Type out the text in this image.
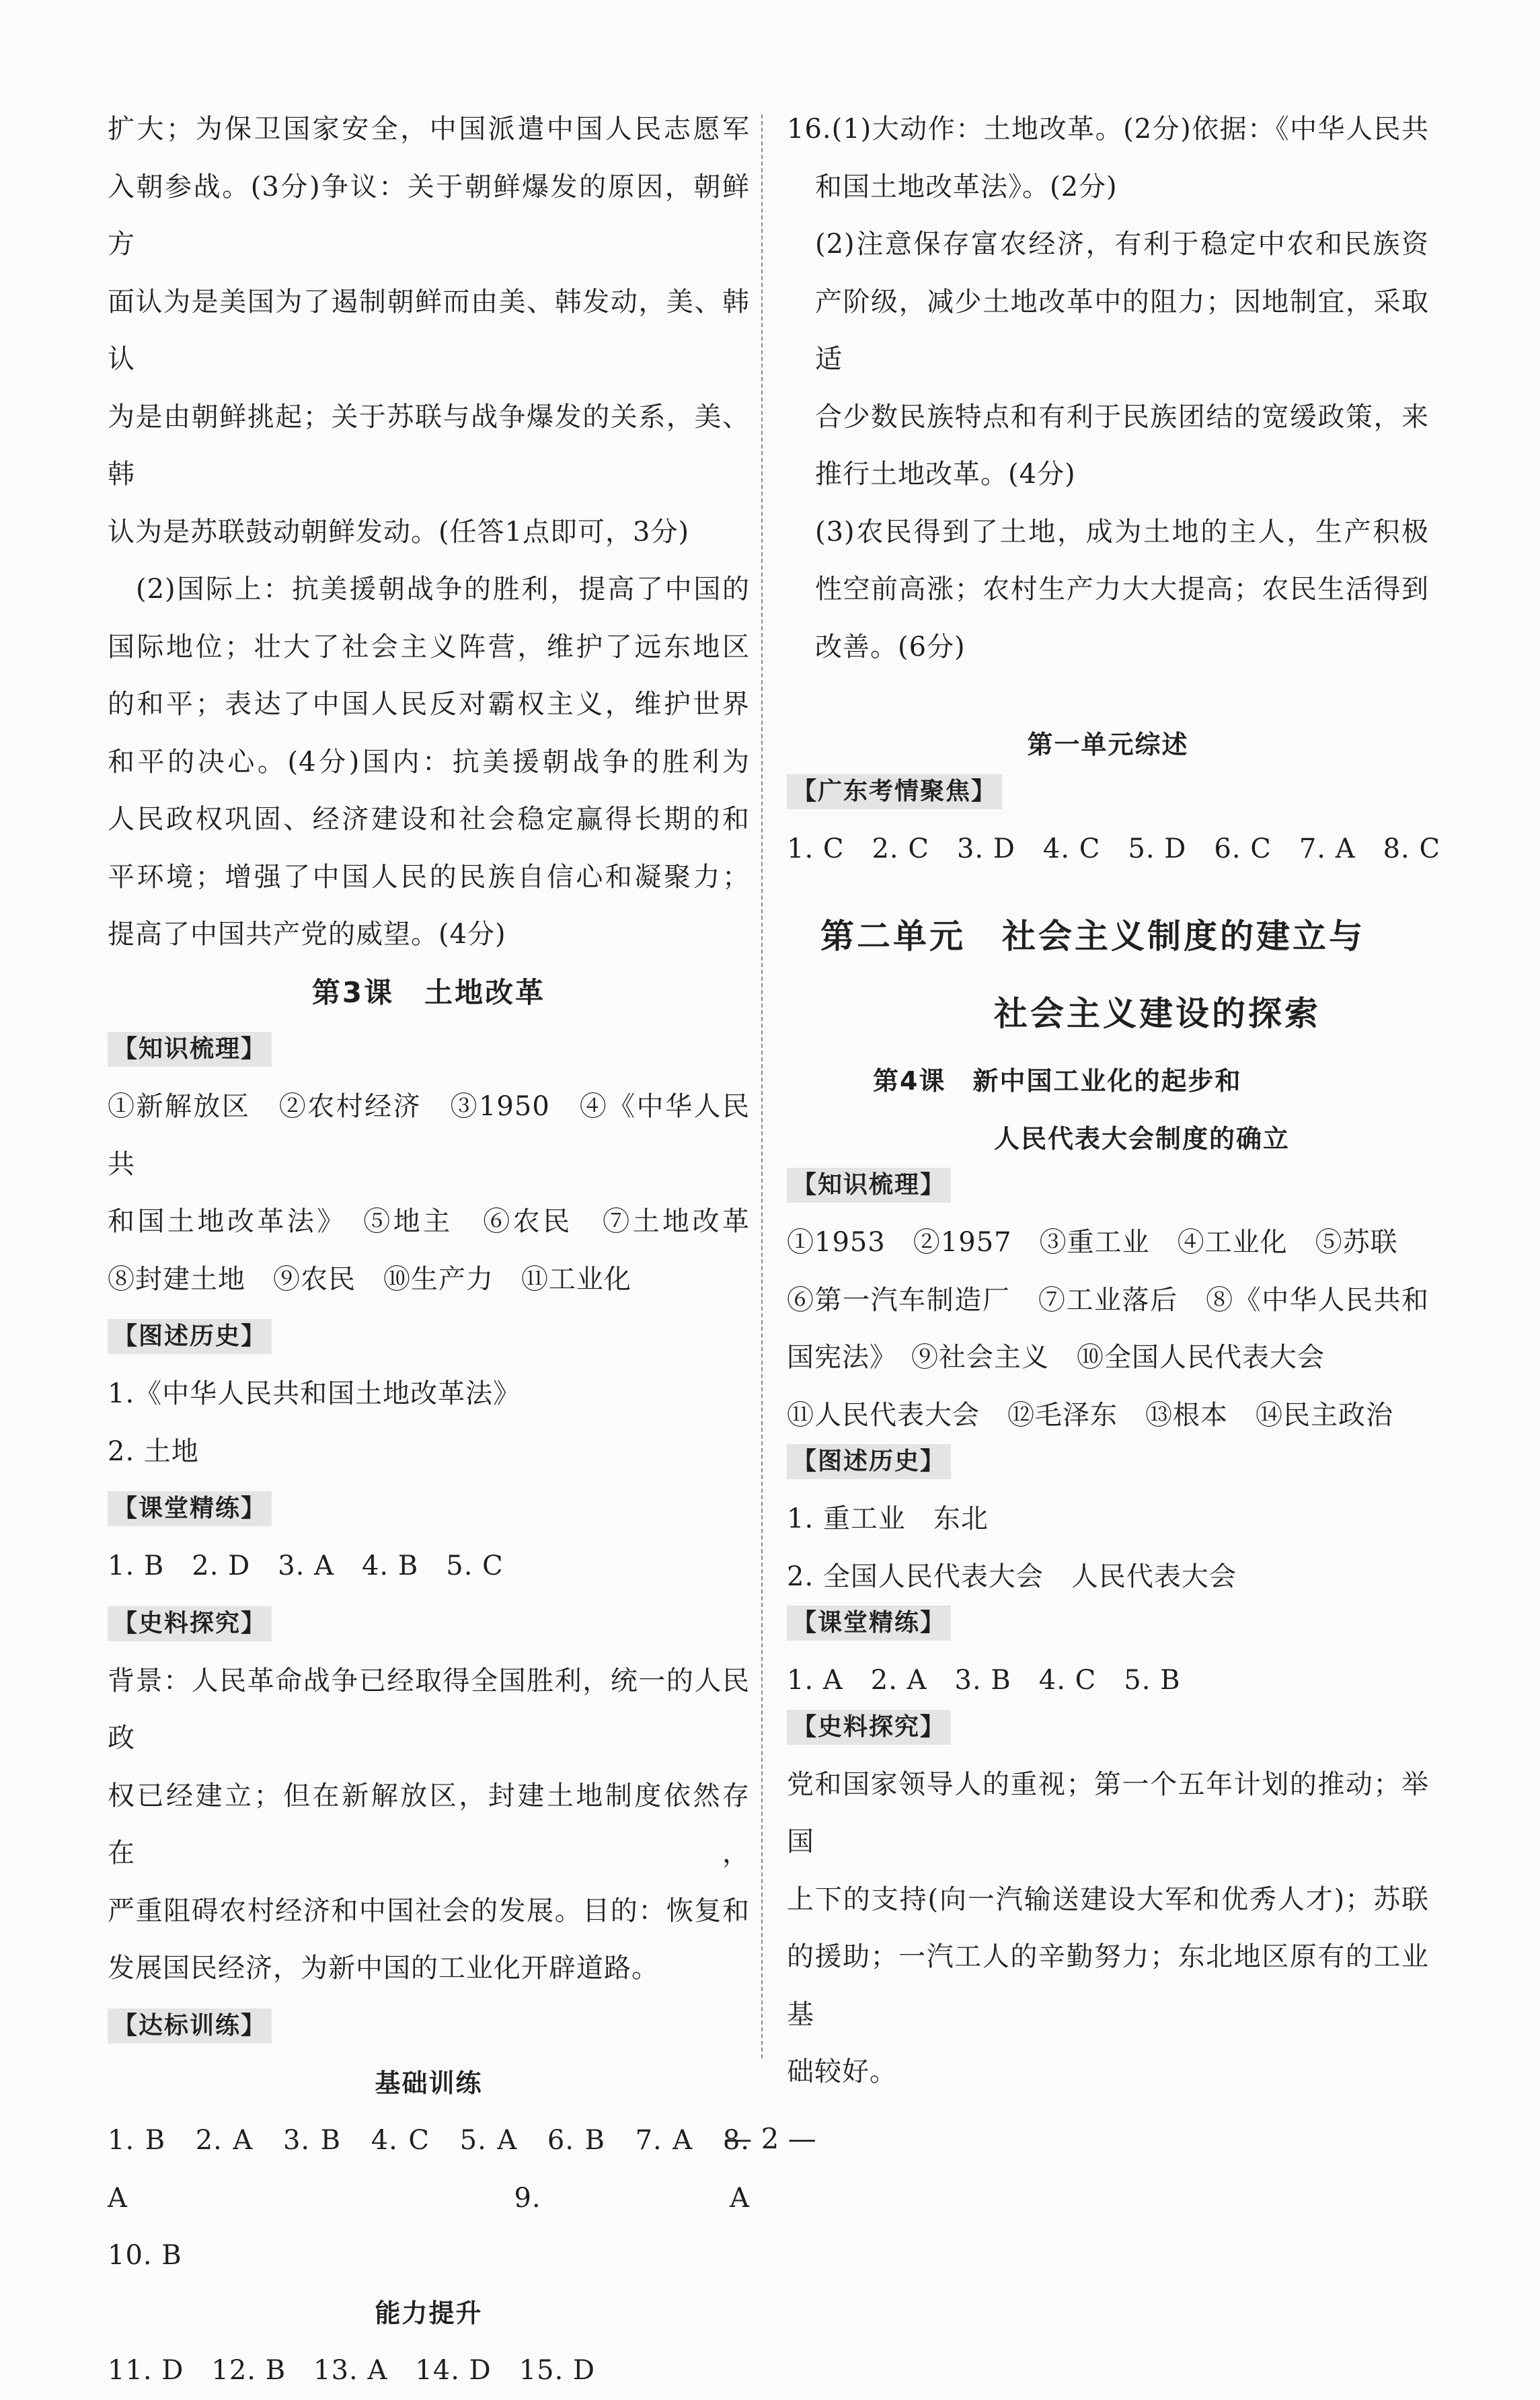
扩大；为保卫国家安全，中国派遣中国人民志愿军

入朝参战。(3分)争议：关于朝鲜爆发的原因，朝鲜方

面认为是美国为了遏制朝鲜而由美、韩发动，美、韩认

为是由朝鲜挑起；关于苏联与战争爆发的关系，美、韩

认为是苏联鼓动朝鲜发动。(任答1点即可，3分)

(2)国际上：抗美援朝战争的胜利，提高了中国的

国际地位；壮大了社会主义阵营，维护了远东地区

的和平；表达了中国人民反对霸权主义，维护世界

和平的决心。(4分)国内：抗美援朝战争的胜利为

人民政权巩固、经济建设和社会稳定赢得长期的和

平环境；增强了中国人民的民族自信心和凝聚力；

提高了中国共产党的威望。(4分)

第3课　土地改革

【知识梳理】

①新解放区　②农村经济　③1950　④《中华人民共

和国土地改革法》　⑤地主　⑥农民　⑦土地改革

⑧封建土地　⑨农民　⑩生产力　⑪工业化

【图述历史】

1.《中华人民共和国土地改革法》

2. 土地

【课堂精练】

1. B　2. D　3. A　4. B　5. C

【史料探究】

背景：人民革命战争已经取得全国胜利，统一的人民政

权已经建立；但在新解放区，封建土地制度依然存在，

严重阻碍农村经济和中国社会的发展。目的：恢复和

发展国民经济，为新中国的工业化开辟道路。

【达标训练】

基础训练

1. B　2. A　3. B　4. C　5. A　6. B　7. A　8. A　9. A

10. B

能力提升

11. D　12. B　13. A　14. D　15. D

16.(1)大动作：土地改革。(2分)依据：《中华人民共

和国土地改革法》。(2分)

(2)注意保存富农经济，有利于稳定中农和民族资

产阶级，减少土地改革中的阻力；因地制宜，采取适

合少数民族特点和有利于民族团结的宽缓政策，来

推行土地改革。(4分)

(3)农民得到了土地，成为土地的主人，生产积极

性空前高涨；农村生产力大大提高；农民生活得到

改善。(6分)

第一单元综述

【广东考情聚焦】

1. C　2. C　3. D　4. C　5. D　6. C　7. A　8. C

第二单元　社会主义制度的建立与

社会主义建设的探索

第4课　新中国工业化的起步和

人民代表大会制度的确立

【知识梳理】

①1953　②1957　③重工业　④工业化　⑤苏联

⑥第一汽车制造厂　⑦工业落后　⑧《中华人民共和

国宪法》　⑨社会主义　⑩全国人民代表大会

⑪人民代表大会　⑫毛泽东　⑬根本　⑭民主政治

【图述历史】

1. 重工业　东北

2. 全国人民代表大会　人民代表大会

【课堂精练】

1. A　2. A　3. B　4. C　5. B

【史料探究】

党和国家领导人的重视；第一个五年计划的推动；举国

上下的支持(向一汽输送建设大军和优秀人才)；苏联

的援助；一汽工人的辛勤努力；东北地区原有的工业基

础较好。

— 2 —
